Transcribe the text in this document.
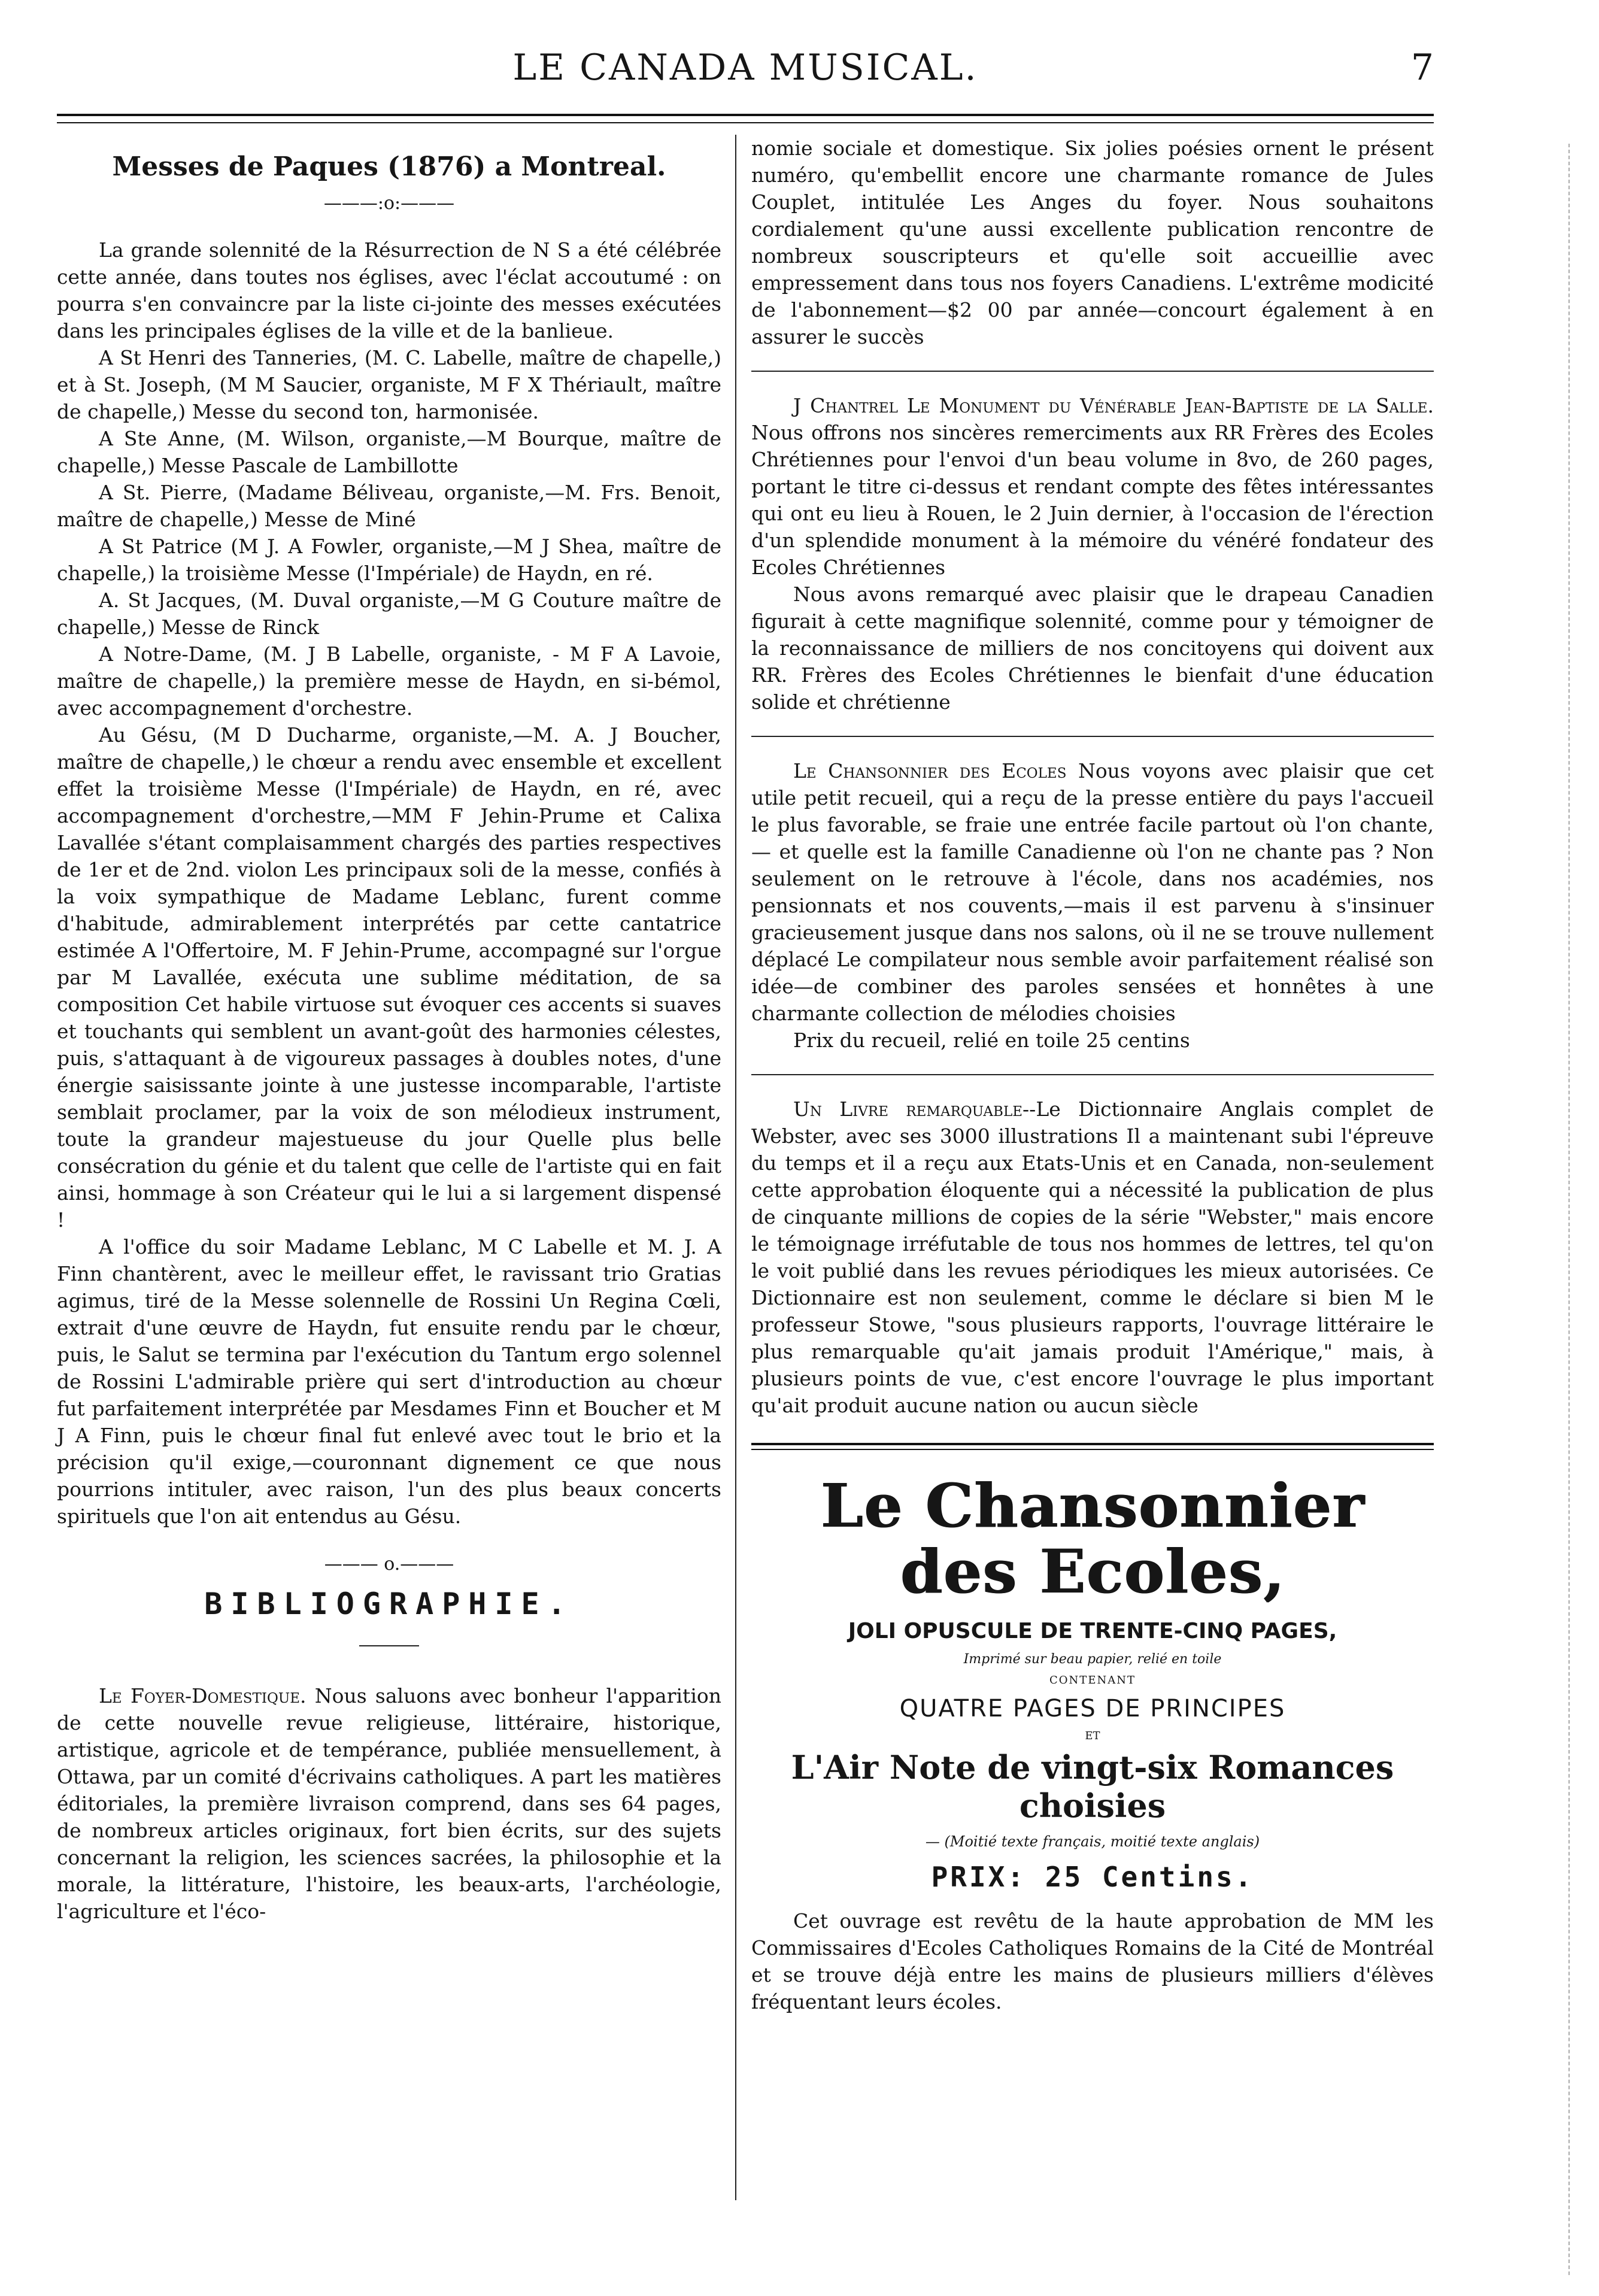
LE CANADA MUSICAL.	7
Messes de Paques (1876) a Montreal.
———:o:———

La grande solennité de la Résurrection de N S a été célébrée cette année, dans toutes nos églises, avec l'éclat accoutumé : on pourra s'en convaincre par la liste ci-jointe des messes exécutées dans les principales églises de la ville et de la banlieue.

A St Henri des Tanneries, (M. C. Labelle, maître de chapelle,) et à St. Joseph, (M M Saucier, organiste, M F X Thériault, maître de chapelle,) Messe du second ton, harmonisée.

A Ste Anne, (M. Wilson, organiste,—M Bourque, maître de chapelle,) Messe Pascale de Lambillotte

A St. Pierre, (Madame Béliveau, organiste,—M. Frs. Benoit, maître de chapelle,) Messe de Miné

A St Patrice (M J. A Fowler, organiste,—M J Shea, maître de chapelle,) la troisième Messe (l'Impériale) de Haydn, en ré.

A. St Jacques, (M. Duval organiste,—M G Couture maître de chapelle,) Messe de Rinck

A Notre-Dame, (M. J B Labelle, organiste, - M F A Lavoie, maître de chapelle,) la première messe de Haydn, en si-bémol, avec accompagnement d'orchestre.

Au Gésu, (M D Ducharme, organiste,—M. A. J Boucher, maître de chapelle,) le chœur a rendu avec ensemble et excellent effet la troisième Messe (l'Impériale) de Haydn, en ré, avec accompagnement d'orchestre,—MM F Jehin-Prume et Calixa Lavallée s'étant complaisamment chargés des parties respectives de 1er et de 2nd. violon Les principaux soli de la messe, confiés à la voix sympathique de Madame Leblanc, furent comme d'habitude, admirablement interprétés par cette cantatrice estimée A l'Offertoire, M. F Jehin-Prume, accompagné sur l'orgue par M Lavallée, exécuta une sublime méditation, de sa composition Cet habile virtuose sut évoquer ces accents si suaves et touchants qui semblent un avant-goût des harmonies célestes, puis, s'attaquant à de vigoureux passages à doubles notes, d'une énergie saisissante jointe à une justesse incomparable, l'artiste semblait proclamer, par la voix de son mélodieux instrument, toute la grandeur majestueuse du jour Quelle plus belle consécration du génie et du talent que celle de l'artiste qui en fait ainsi, hommage à son Créateur qui le lui a si largement dispensé !

A l'office du soir Madame Leblanc, M C Labelle et M. J. A Finn chantèrent, avec le meilleur effet, le ravissant trio Gratias agimus, tiré de la Messe solennelle de Rossini Un Regina Cœli, extrait d'une œuvre de Haydn, fut ensuite rendu par le chœur, puis, le Salut se termina par l'exécution du Tantum ergo solennel de Rossini L'admirable prière qui sert d'introduction au chœur fut parfaitement interprétée par Mesdames Finn et Boucher et M J A Finn, puis le chœur final fut enlevé avec tout le brio et la précision qu'il exige,—couronnant dignement ce que nous pourrions intituler, avec raison, l'un des plus beaux concerts spirituels que l'on ait entendus au Gésu.

——— o.———
BIBLIOGRAPHIE.

Le Foyer-Domestique. Nous saluons avec bonheur l'apparition de cette nouvelle revue religieuse, littéraire, historique, artistique, agricole et de tempérance, publiée mensuellement, à Ottawa, par un comité d'écrivains catholiques. A part les matières éditoriales, la première livraison comprend, dans ses 64 pages, de nombreux articles originaux, fort bien écrits, sur des sujets concernant la religion, les sciences sacrées, la philosophie et la morale, la littérature, l'histoire, les beaux-arts, l'archéologie, l'agriculture et l'éco-

nomie sociale et domestique. Six jolies poésies ornent le présent numéro, qu'embellit encore une charmante romance de Jules Couplet, intitulée Les Anges du foyer. Nous souhaitons cordialement qu'une aussi excellente publication rencontre de nombreux souscripteurs et qu'elle soit accueillie avec empressement dans tous nos foyers Canadiens. L'extrême modicité de l'abonnement—$2 00 par année—concourt également à en assurer le succès

J Chantrel Le Monument du Vénérable Jean-Baptiste de la Salle. Nous offrons nos sincères remerciments aux RR Frères des Ecoles Chrétiennes pour l'envoi d'un beau volume in 8vo, de 260 pages, portant le titre ci-dessus et rendant compte des fêtes intéressantes qui ont eu lieu à Rouen, le 2 Juin dernier, à l'occasion de l'érection d'un splendide monument à la mémoire du vénéré fondateur des Ecoles Chrétiennes

Nous avons remarqué avec plaisir que le drapeau Canadien figurait à cette magnifique solennité, comme pour y témoigner de la reconnaissance de milliers de nos concitoyens qui doivent aux RR. Frères des Ecoles Chrétiennes le bienfait d'une éducation solide et chrétienne

Le Chansonnier des Ecoles Nous voyons avec plaisir que cet utile petit recueil, qui a reçu de la presse entière du pays l'accueil le plus favorable, se fraie une entrée facile partout où l'on chante, — et quelle est la famille Canadienne où l'on ne chante pas ? Non seulement on le retrouve à l'école, dans nos académies, nos pensionnats et nos couvents,—mais il est parvenu à s'insinuer gracieusement jusque dans nos salons, où il ne se trouve nullement déplacé Le compilateur nous semble avoir parfaitement réalisé son idée—de combiner des paroles sensées et honnêtes à une charmante collection de mélodies choisies

Prix du recueil, relié en toile 25 centins

Un Livre remarquable--Le Dictionnaire Anglais complet de Webster, avec ses 3000 illustrations Il a maintenant subi l'épreuve du temps et il a reçu aux Etats-Unis et en Canada, non-seulement cette approbation éloquente qui a nécessité la publication de plus de cinquante millions de copies de la série "Webster," mais encore le témoignage irréfutable de tous nos hommes de lettres, tel qu'on le voit publié dans les revues périodiques les mieux autorisées. Ce Dictionnaire est non seulement, comme le déclare si bien M le professeur Stowe, "sous plusieurs rapports, l'ouvrage littéraire le plus remarquable qu'ait jamais produit l'Amérique," mais, à plusieurs points de vue, c'est encore l'ouvrage le plus important qu'ait produit aucune nation ou aucun siècle

Le Chansonnier des Ecoles,
JOLI OPUSCULE DE TRENTE-CINQ PAGES,
Imprimé sur beau papier, relié en toile
CONTENANT
QUATRE PAGES DE PRINCIPES
ET
L'Air Note de vingt-six Romances choisies
— (Moitié texte français, moitié texte anglais)
PRIX: 25 Centins.
Cet ouvrage est revêtu de la haute approbation de MM les Commissaires d'Ecoles Catholiques Romains de la Cité de Montréal et se trouve déjà entre les mains de plusieurs milliers d'élèves fréquentant leurs écoles.
